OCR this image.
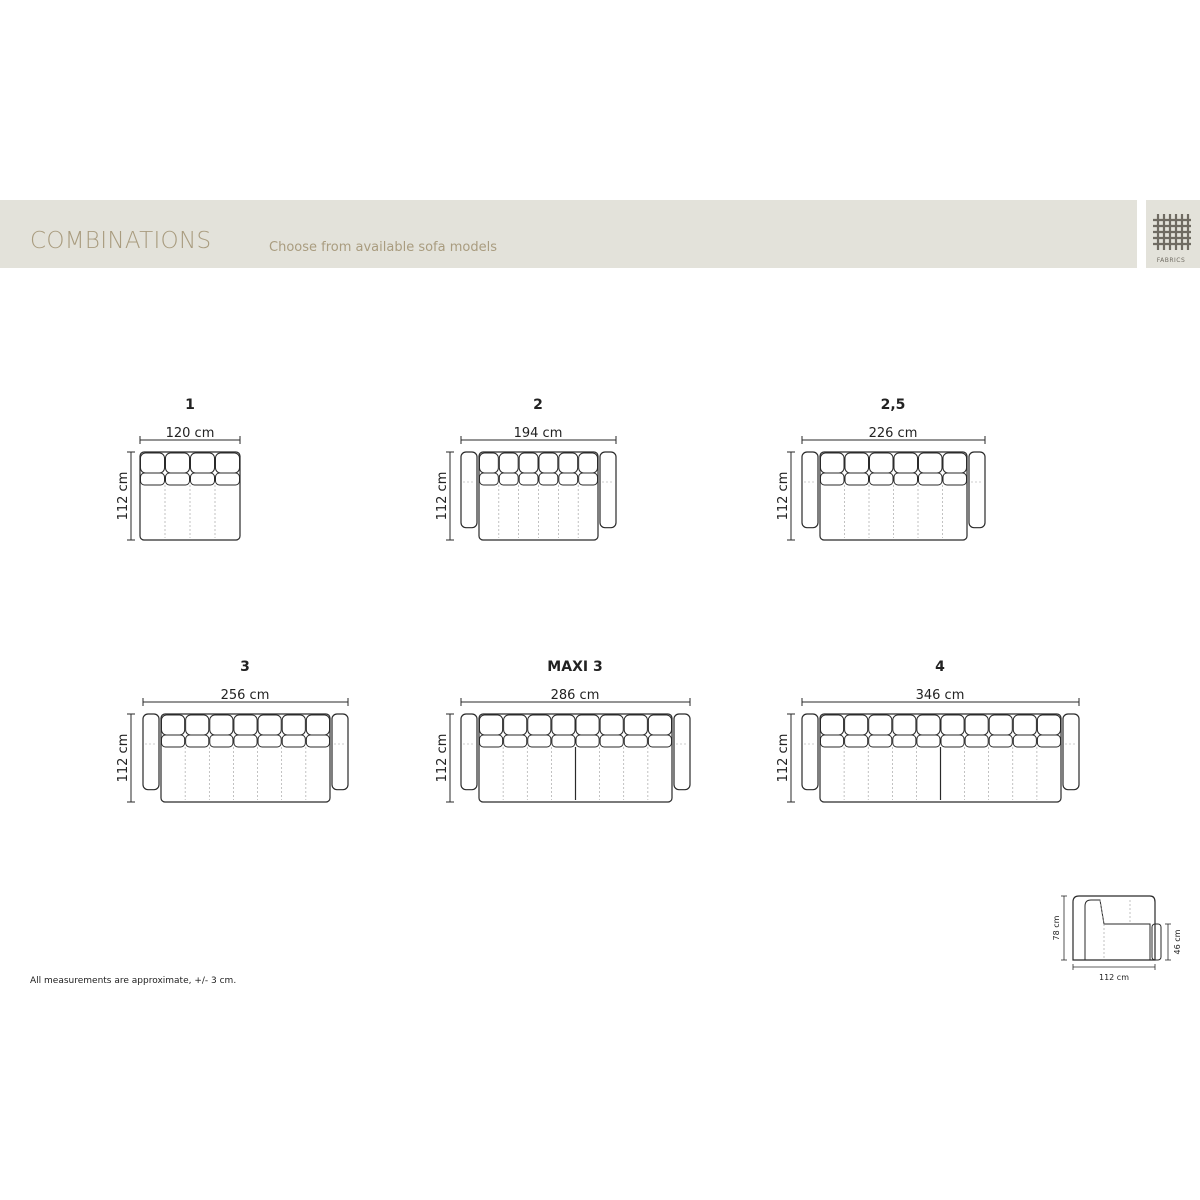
COMBINATIONS	Choose from available sofa models
FABRICS
1
120 cm
112 cm
2
194 cm
112 cm
2,5
226 cm
112 cm
3
256 cm
112 cm
MAXI 3
286 cm
112 cm
4
346 cm
112 cm
112 cm
78 cm
46 cm
All measurements are approximate, +/- 3 cm.
